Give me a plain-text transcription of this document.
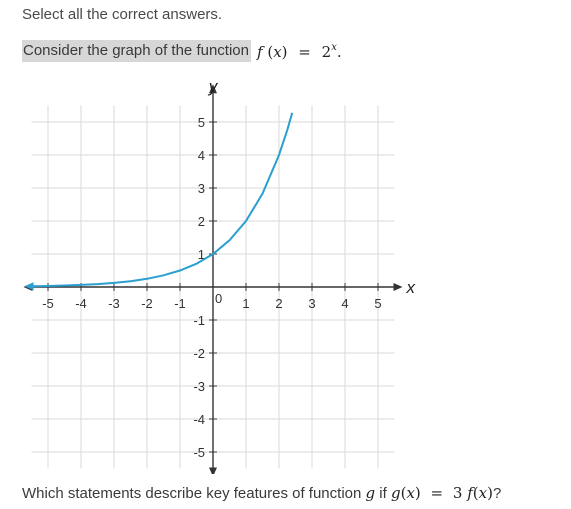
Select all the correct answers.
Consider the graph of the function f $(x) = 2^x$.
-5 -4 -3 -2 -1	1 2 3 4 5
-5
-4
-3
-2
-1
1
2
3
4
5
0
x
y
Which statements describe key features of function g if g(x) = 3 f(x)?
